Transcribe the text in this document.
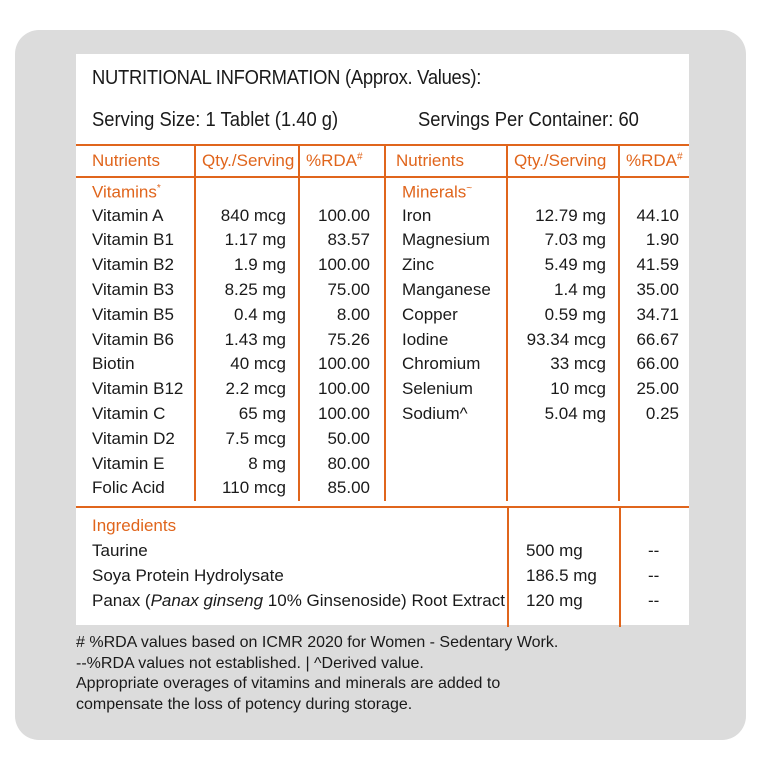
NUTRITIONAL INFORMATION (Approx. Values):
Serving Size: 1 Tablet (1.40 g)	Servings Per Container: 60
Nutrients	Qty./Serving	%RDA#	Nutrients	Qty./Serving	%RDA#
Vitamins*			Minerals~		
Vitamin A	840 mcg	100.00	Iron	12.79 mg	44.10
Vitamin B1	1.17 mg	83.57	Magnesium	7.03 mg	1.90
Vitamin B2	1.9 mg	100.00	Zinc	5.49 mg	41.59
Vitamin B3	8.25 mg	75.00	Manganese	1.4 mg	35.00
Vitamin B5	0.4 mg	8.00	Copper	0.59 mg	34.71
Vitamin B6	1.43 mg	75.26	Iodine	93.34 mcg	66.67
Biotin	40 mcg	100.00	Chromium	33 mcg	66.00
Vitamin B12	2.2 mcg	100.00	Selenium	10 mcg	25.00
Vitamin C	65 mg	100.00	Sodium^	5.04 mg	0.25
Vitamin D2	7.5 mcg	50.00			
Vitamin E	8 mg	80.00			
Folic Acid	110 mcg	85.00			
Ingredients
Taurine	500 mg	--
Soya Protein Hydrolysate	186.5 mg	--
Panax (Panax ginseng 10% Ginsenoside) Root Extract 120 mg	--
# %RDA values based on ICMR 2020 for Women - Sedentary Work.
--%RDA values not established. | ^Derived value.
Appropriate overages of vitamins and minerals are added to
compensate the loss of potency during storage.
